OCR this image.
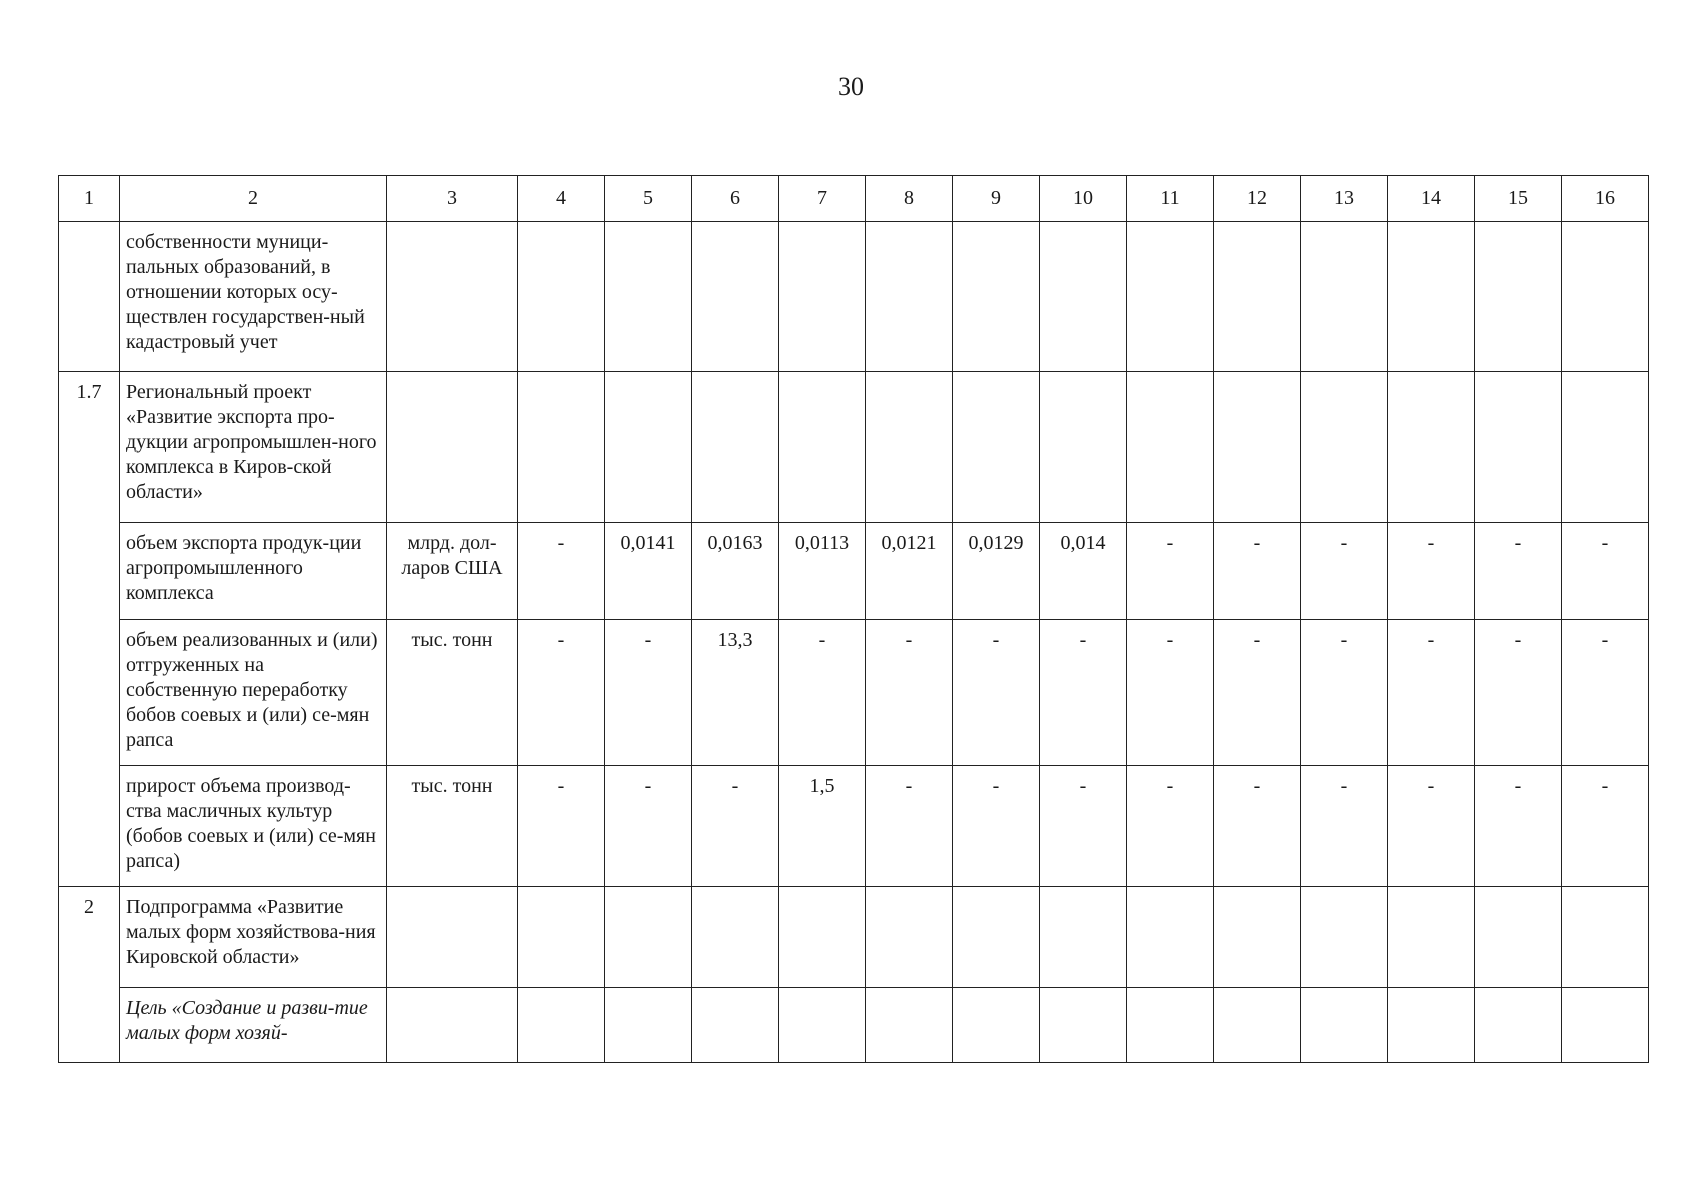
30
1	2	3	4	5	6	7	8	9	10	11	12	13	14	15	16
	собственности муници-пальных образований, в отношении которых осу-ществлен государствен-ный кадастровый учет														
1.7	Региональный проект «Развитие экспорта про-дукции агропромышлен-ного комплекса в Киров-ской области»														
	объем экспорта продук-ции агропромышленного комплекса	млрд. дол-ларов США	-	0,0141	0,0163	0,0113	0,0121	0,0129	0,014	-	-	-	-	-	-
	объем реализованных и (или) отгруженных на собственную переработку бобов соевых и (или) се-мян рапса	тыс. тонн	-	-	13,3	-	-	-	-	-	-	-	-	-	-
	прирост объема производ-ства масличных культур (бобов соевых и (или) се-мян рапса)	тыс. тонн	-	-	-	1,5	-	-	-	-	-	-	-	-	-
2	Подпрограмма «Развитие малых форм хозяйствова-ния Кировской области»														
	Цель «Создание и разви-тие малых форм хозяй-														
